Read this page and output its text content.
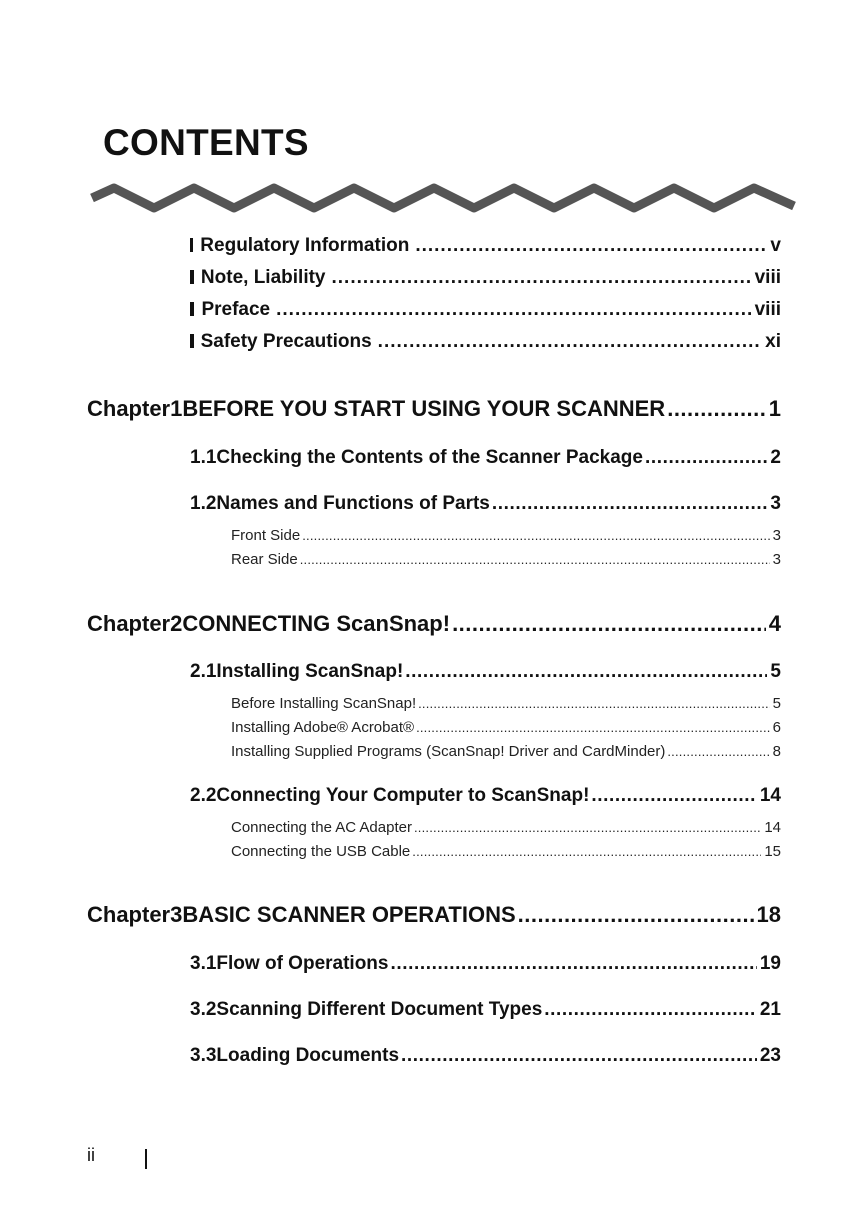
CONTENTS
Regulatory Information .....	v
Note, Liability .....	viii
Preface .....	viii
Safety Precautions .....	xi
Chapter1 BEFORE YOU START USING YOUR SCANNER .....	1
1.1 Checking the Contents of the Scanner Package .....	2
1.2 Names and Functions of Parts .....	3
Front Side .....	3
Rear Side .....	3
Chapter2 CONNECTING ScanSnap! .....	4
2.1 Installing ScanSnap! .....	5
Before Installing ScanSnap! .....	5
Installing Adobe® Acrobat® .....	6
Installing Supplied Programs (ScanSnap! Driver and CardMinder) .....	8
2.2 Connecting Your Computer to ScanSnap! .....	14
Connecting the AC Adapter .....	14
Connecting the USB Cable .....	15
Chapter3 BASIC SCANNER OPERATIONS .....	18
3.1 Flow of Operations .....	19
3.2 Scanning Different Document Types .....	21
3.3 Loading Documents .....	23
ii
